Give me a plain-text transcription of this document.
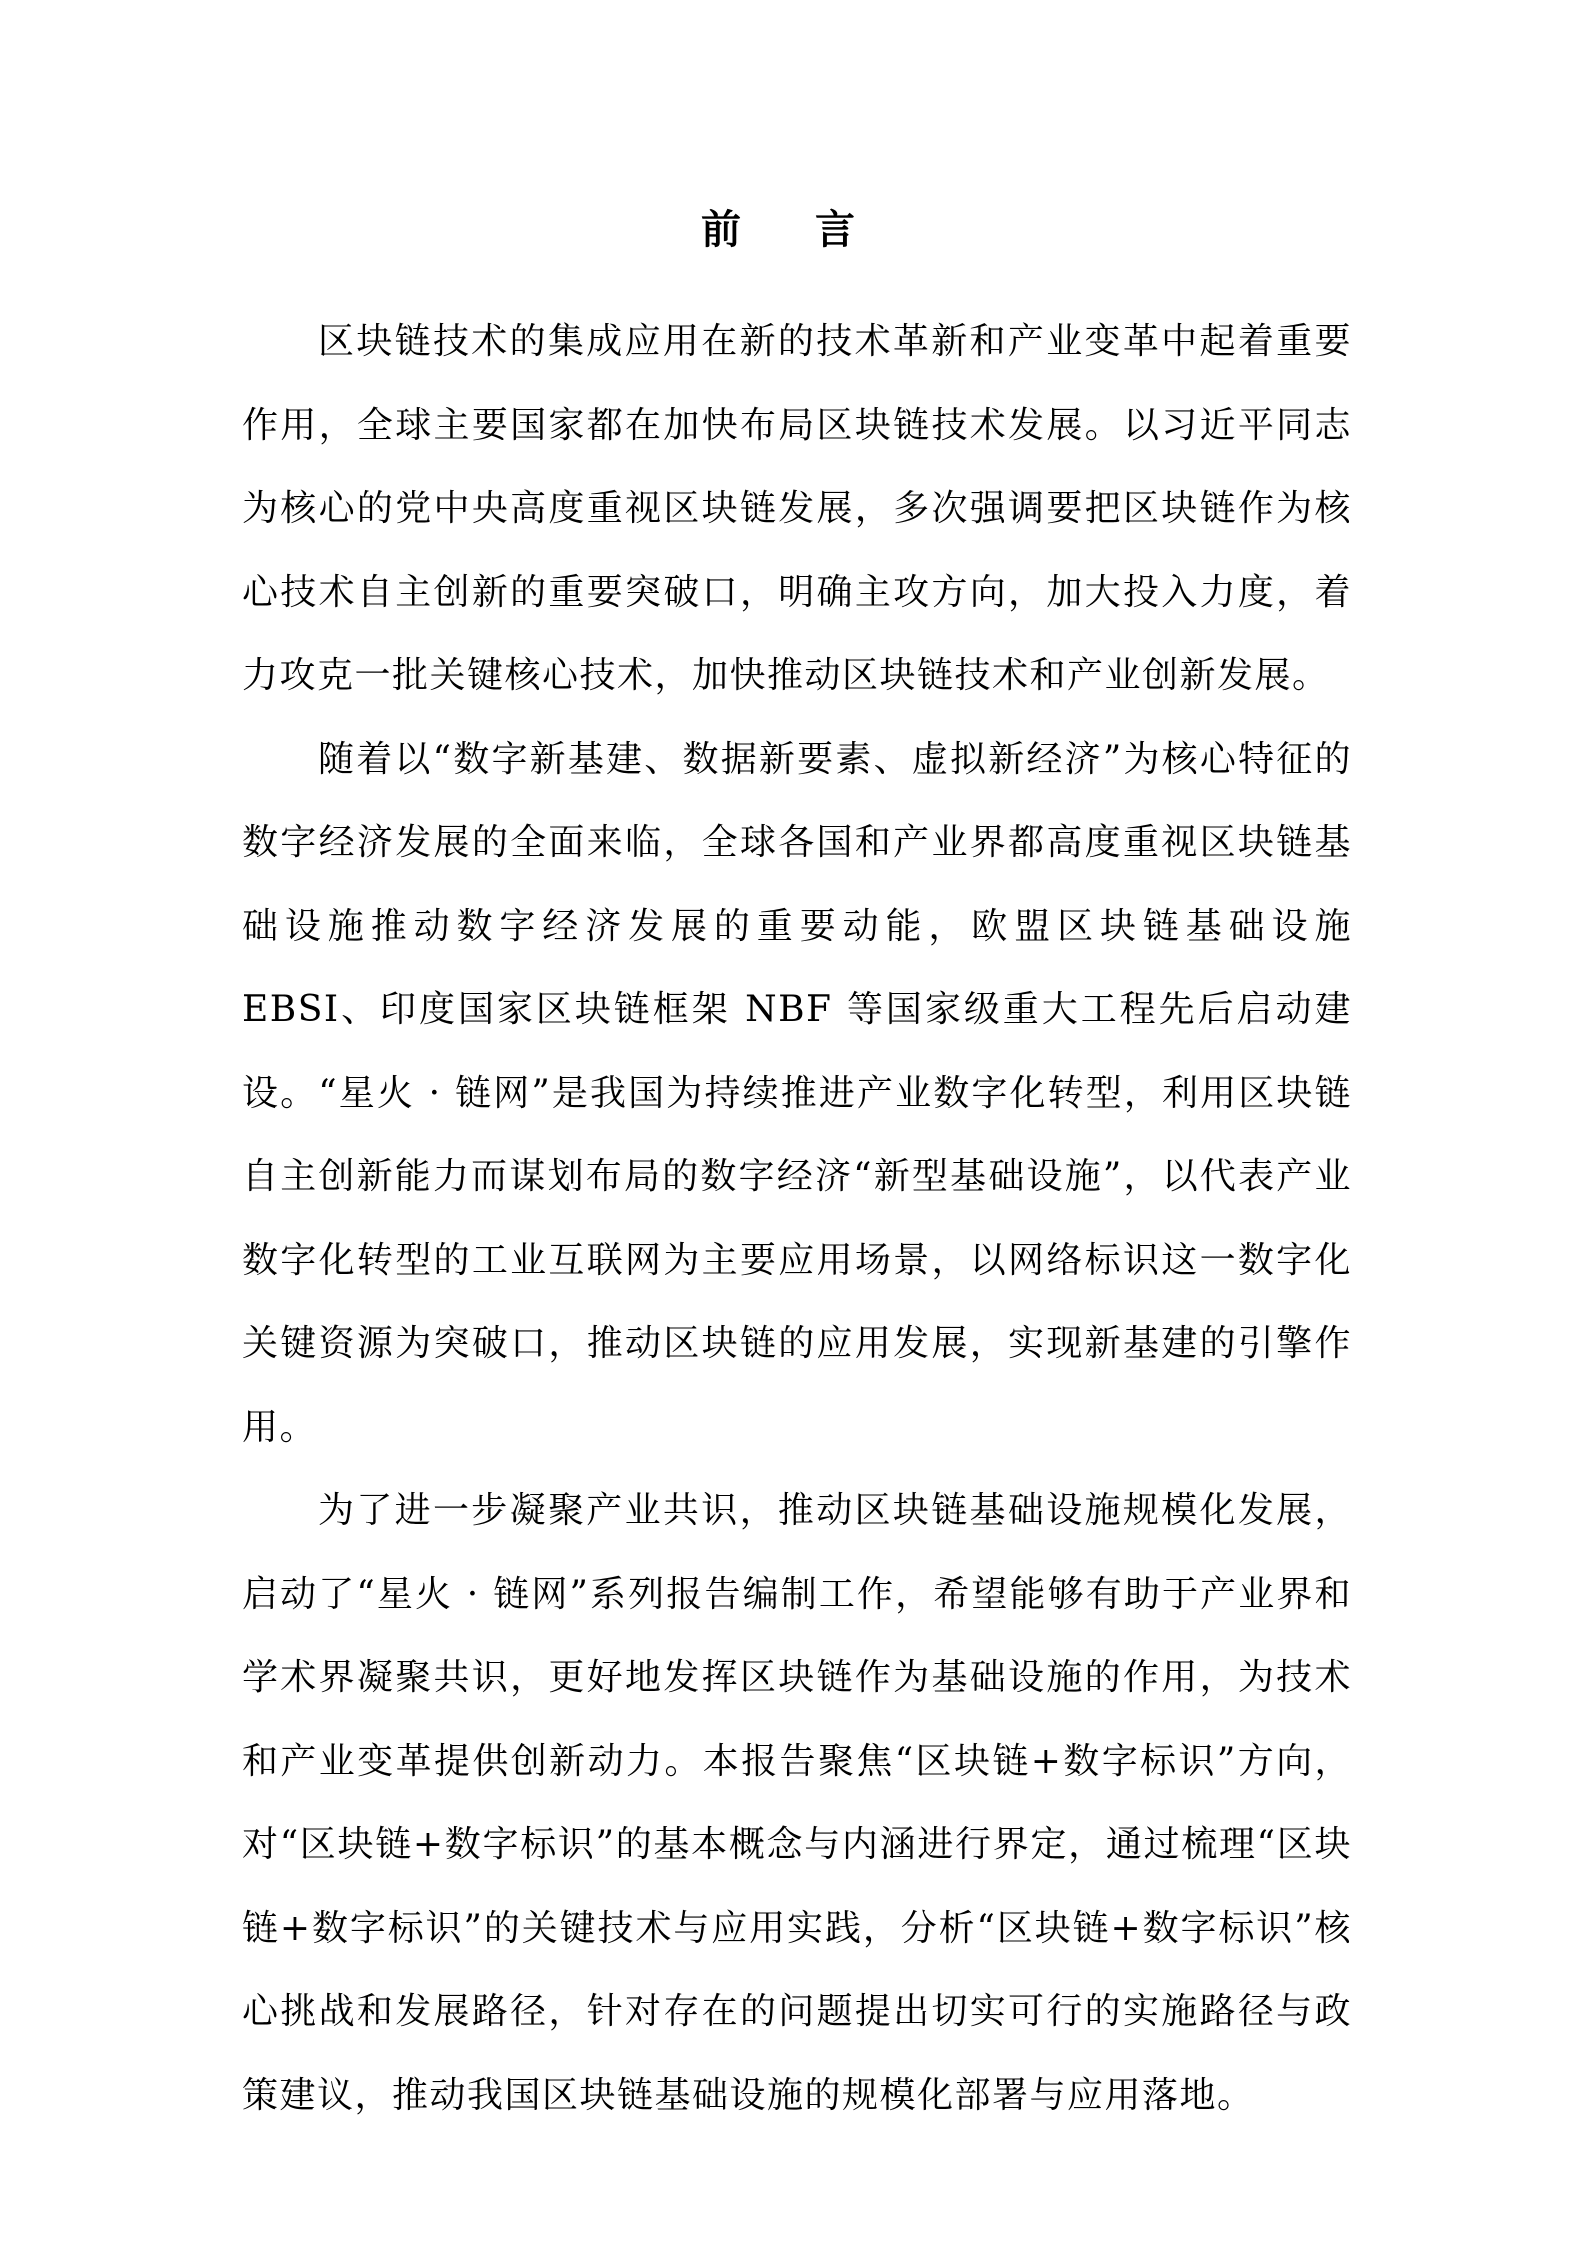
前 言

区块链技术的集成应用在新的技术革新和产业变革中起着重要作用，全球主要国家都在加快布局区块链技术发展。以习近平同志为核心的党中央高度重视区块链发展，多次强调要把区块链作为核心技术自主创新的重要突破口，明确主攻方向，加大投入力度，着力攻克一批关键核心技术，加快推动区块链技术和产业创新发展。

随着以“数字新基建、数据新要素、虚拟新经济”为核心特征的数字经济发展的全面来临，全球各国和产业界都高度重视区块链基础设施推动数字经济发展的重要动能，欧盟区块链基础设施 EBSI、印度国家区块链框架 NBF 等国家级重大工程先后启动建设。“星火 · 链网”是我国为持续推进产业数字化转型，利用区块链自主创新能力而谋划布局的数字经济“新型基础设施”，以代表产业数字化转型的工业互联网为主要应用场景，以网络标识这一数字化关键资源为突破口，推动区块链的应用发展，实现新基建的引擎作用。

为了进一步凝聚产业共识，推动区块链基础设施规模化发展，启动了“星火 · 链网”系列报告编制工作，希望能够有助于产业界和学术界凝聚共识，更好地发挥区块链作为基础设施的作用，为技术和产业变革提供创新动力。本报告聚焦“区块链+数字标识”方向，对“区块链+数字标识”的基本概念与内涵进行界定，通过梳理“区块链+数字标识”的关键技术与应用实践，分析“区块链+数字标识”核心挑战和发展路径，针对存在的问题提出切实可行的实施路径与政策建议，推动我国区块链基础设施的规模化部署与应用落地。
